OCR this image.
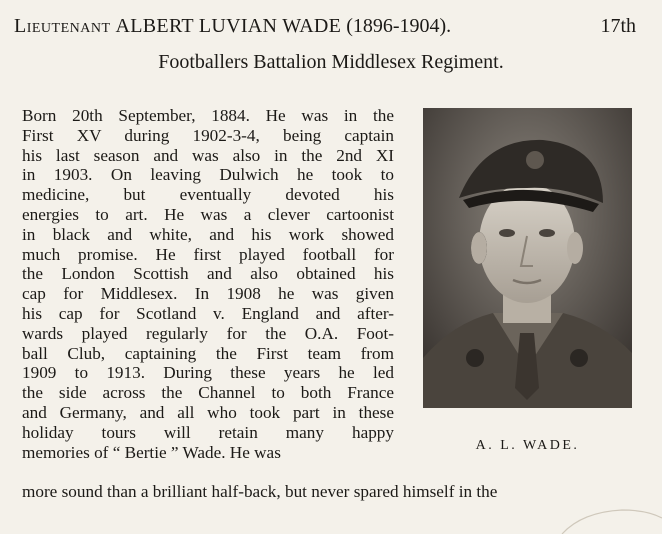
Lieutenant ALBERT LUVIAN WADE (1896-1904).	17th
Footballers Battalion Middlesex Regiment.
Born 20th September, 1884. He was in the
First XV during 1902-3-4, being captain
his last season and was also in the 2nd XI
in 1903. On leaving Dulwich he took to
medicine, but eventually devoted his
energies to art. He was a clever cartoonist
in black and white, and his work showed
much promise. He first played football for
the London Scottish and also obtained his
cap for Middlesex. In 1908 he was given
his cap for Scotland v. England and after-
wards played regularly for the O.A. Foot-
ball Club, captaining the First team from
1909 to 1913. During these years he led
the side across the Channel to both France
and Germany, and all who took part in these
holiday tours will retain many happy
memories of “ Bertie ” Wade. He was
more sound than a brilliant half-back, but never spared himself in the
A. L. WADE.
